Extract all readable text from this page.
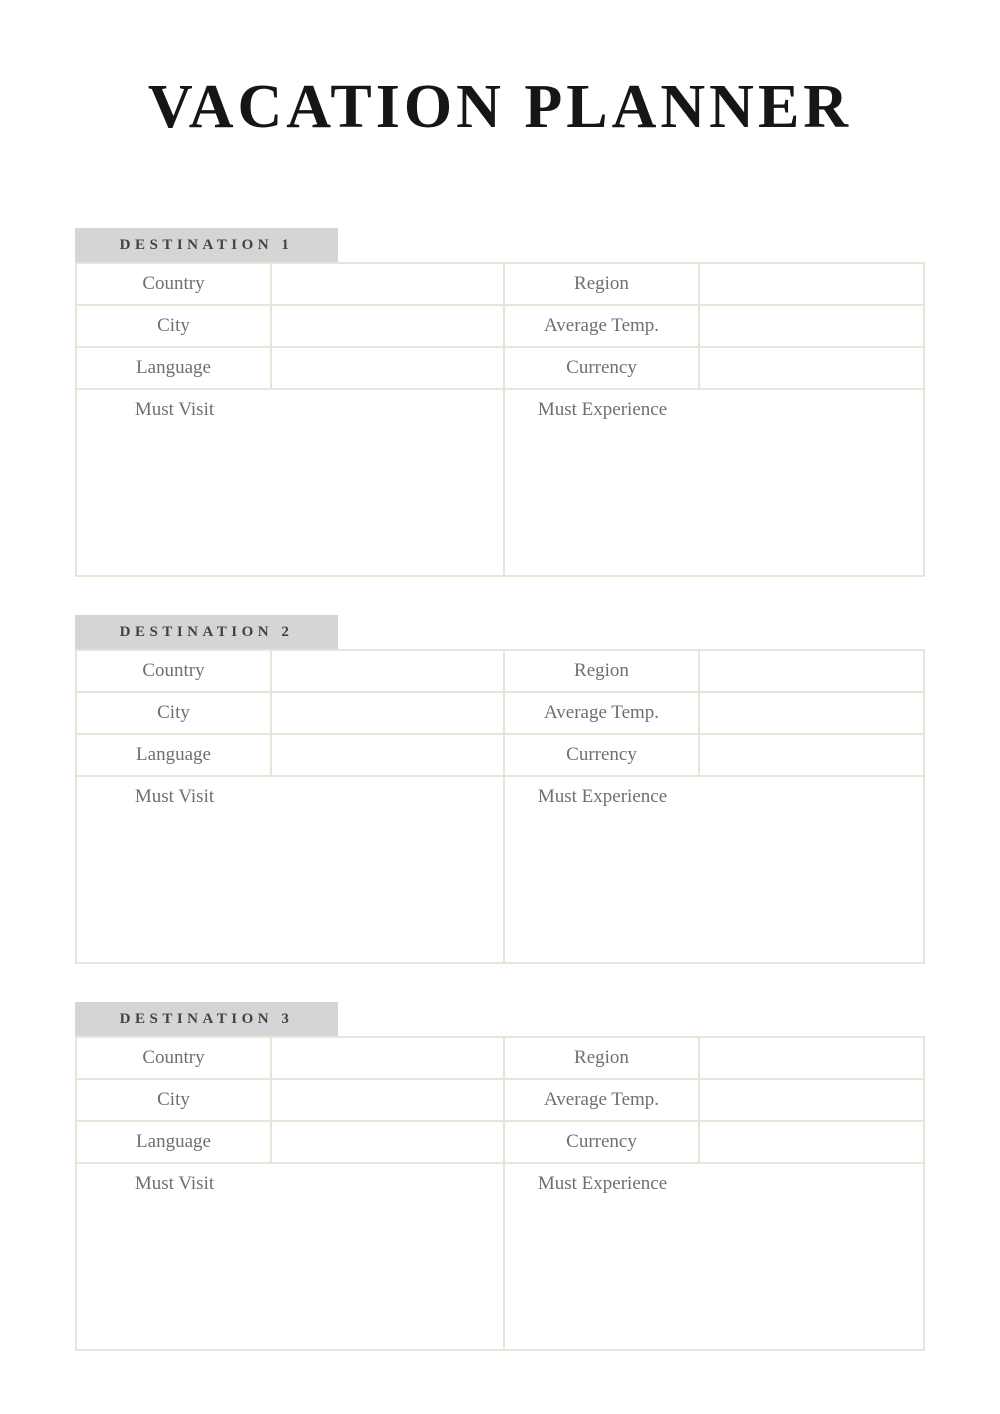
VACATION PLANNER
DESTINATION 1
Country		Region	
City		Average Temp.	
Language		Currency	

Must Visit		Must Experience	
DESTINATION 2
Country		Region	
City		Average Temp.	
Language		Currency	

Must Visit		Must Experience	
DESTINATION 3
Country		Region	
City		Average Temp.	
Language		Currency	

Must Visit		Must Experience	
